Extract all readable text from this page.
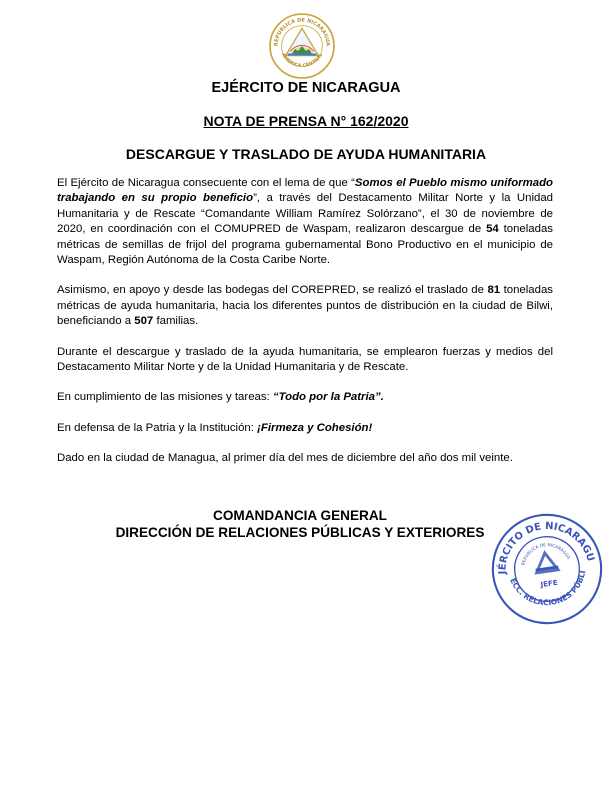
REPUBLICA DE NICARAGUA
AMERICA CENTRAL
EJÉRCITO DE NICARAGUA
NOTA DE PRENSA N° 162/2020
DESCARGUE Y TRASLADO DE AYUDA HUMANITARIA

El Ejército de Nicaragua consecuente con el lema de que “Somos el Pueblo mismo uniformado trabajando en su propio beneficio”, a través del Destacamento Militar Norte y la Unidad Humanitaria y de Rescate “Comandante William Ramírez Solórzano”, el 30 de noviembre de 2020, en coordinación con el COMUPRED de Waspam, realizaron descargue de 54 toneladas métricas de semillas de frijol del programa gubernamental Bono Productivo en el municipio de Waspam, Región Autónoma de la Costa Caribe Norte.

Asimismo, en apoyo y desde las bodegas del COREPRED, se realizó el traslado de 81 toneladas métricas de ayuda humanitaria, hacia los diferentes puntos de distribución en la ciudad de Bilwi, beneficiando a 507 familias.

Durante el descargue y traslado de la ayuda humanitaria, se emplearon fuerzas y medios del Destacamento Militar Norte y de la Unidad Humanitaria y de Rescate.

En cumplimiento de las misiones y tareas: “Todo por la Patria”.

En defensa de la Patria y la Institución: ¡Firmeza y Cohesión!

Dado en la ciudad de Managua, al primer día del mes de diciembre del año dos mil veinte.

COMANDANCIA GENERAL
DIRECCIÓN DE RELACIONES PÚBLICAS Y EXTERIORES
EJÉRCITO DE NICARAGUA
DIRECC. RELACIONES PÚBLICAS
REPUBLICA DE NICARAGUA
JEFE
